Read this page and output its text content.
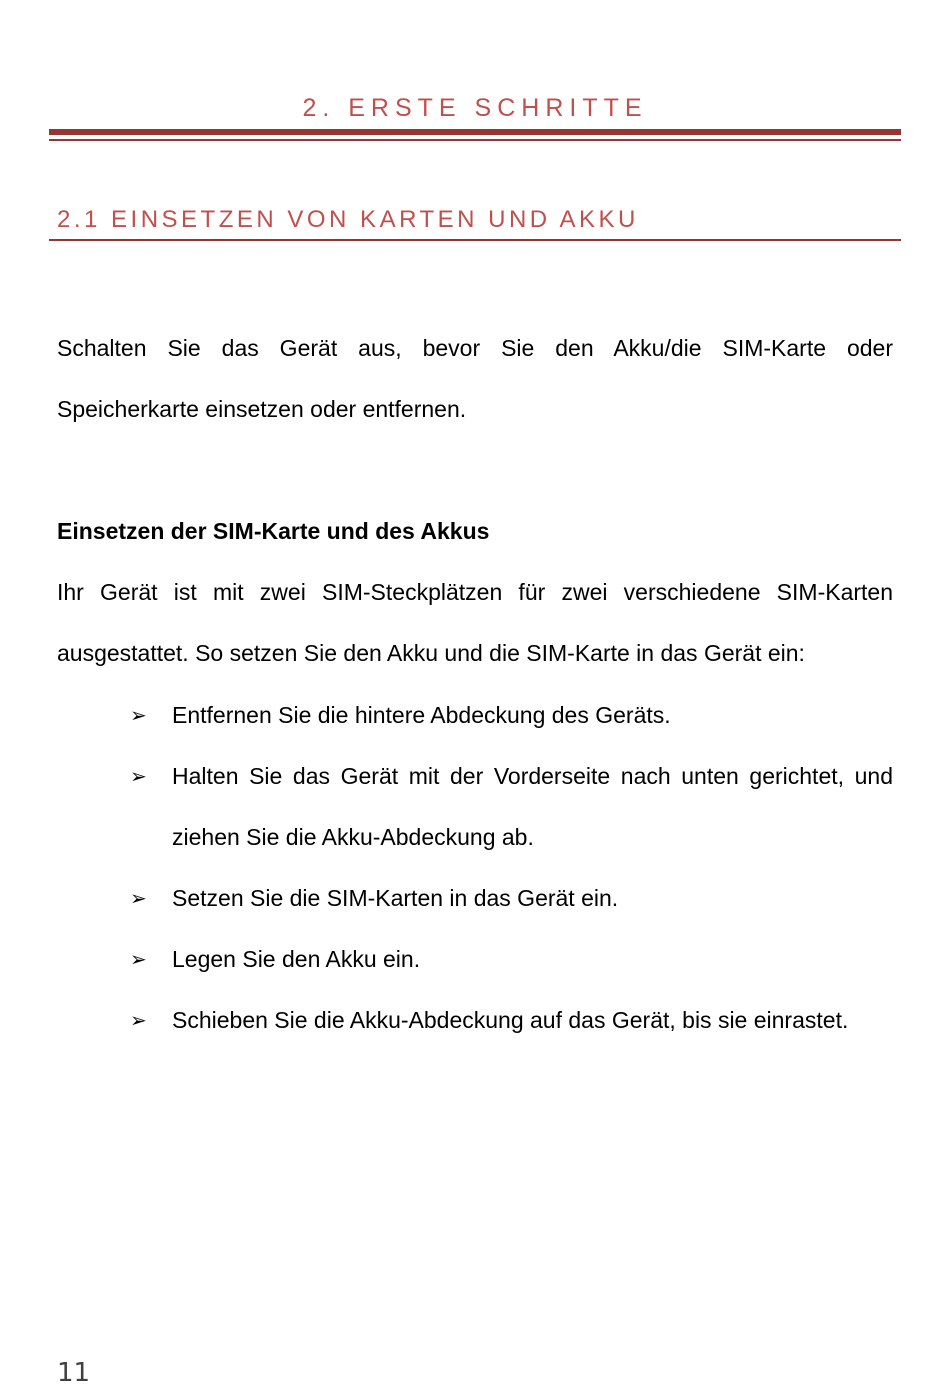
2. ERSTE SCHRITTE
2.1 EINSETZEN VON KARTEN UND AKKU
Schalten Sie das Gerät aus, bevor Sie den Akku/die SIM-Karte oder Speicherkarte einsetzen oder entfernen.
Einsetzen der SIM-Karte und des Akkus
Ihr Gerät ist mit zwei SIM-Steckplätzen für zwei verschiedene SIM-Karten ausgestattet. So setzen Sie den Akku und die SIM-Karte in das Gerät ein:
➢ Entfernen Sie die hintere Abdeckung des Geräts.
➢ Halten Sie das Gerät mit der Vorderseite nach unten gerichtet, und ziehen Sie die Akku-Abdeckung ab.
➢ Setzen Sie die SIM-Karten in das Gerät ein.
➢ Legen Sie den Akku ein.
➢ Schieben Sie die Akku-Abdeckung auf das Gerät, bis sie einrastet.
11
